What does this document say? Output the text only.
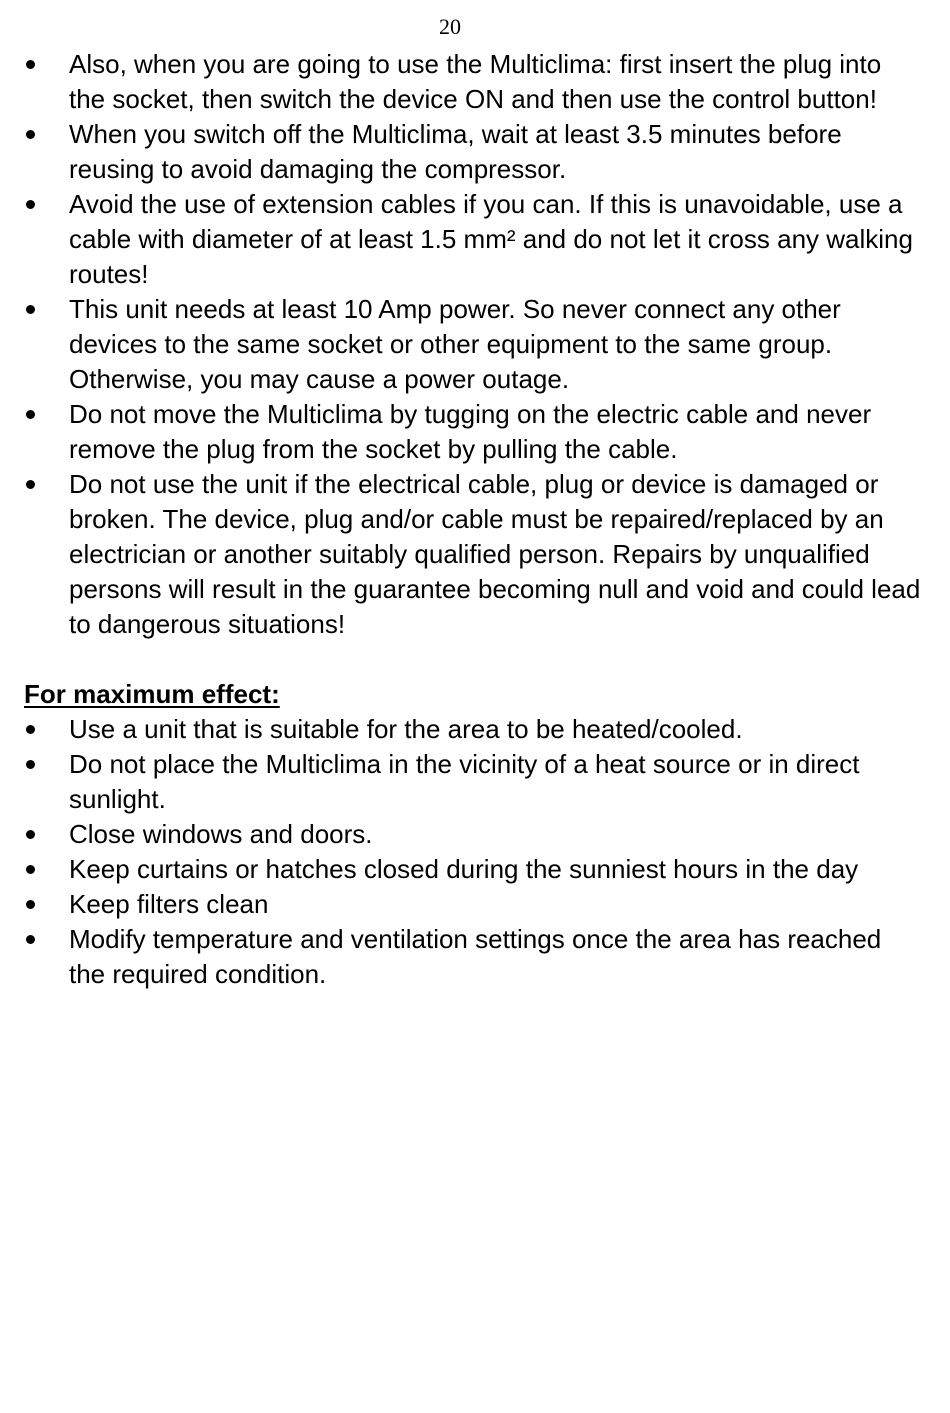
20
Also, when you are going to use the Multiclima: first insert the plug into the socket, then switch the device ON and then use the control button!
When you switch off the Multiclima, wait at least 3.5 minutes before reusing to avoid damaging the compressor.
Avoid the use of extension cables if you can. If this is unavoidable, use a cable with diameter of at least 1.5 mm² and do not let it cross any walking routes!
This unit needs at least 10 Amp power. So never connect any other devices to the same socket or other equipment to the same group. Otherwise, you may cause a power outage.
Do not move the Multiclima by tugging on the electric cable and never remove the plug from the socket by pulling the cable.
Do not use the unit if the electrical cable, plug or device is damaged or broken. The device, plug and/or cable must be repaired/replaced by an electrician or another suitably qualified person. Repairs by unqualified persons will result in the guarantee becoming null and void and could lead to dangerous situations!
For maximum effect:
Use a unit that is suitable for the area to be heated/cooled.
Do not place the Multiclima in the vicinity of a heat source or in direct sunlight.
Close windows and doors.
Keep curtains or hatches closed during the sunniest hours in the day
Keep filters clean
Modify temperature and ventilation settings once the area has reached the required condition.
